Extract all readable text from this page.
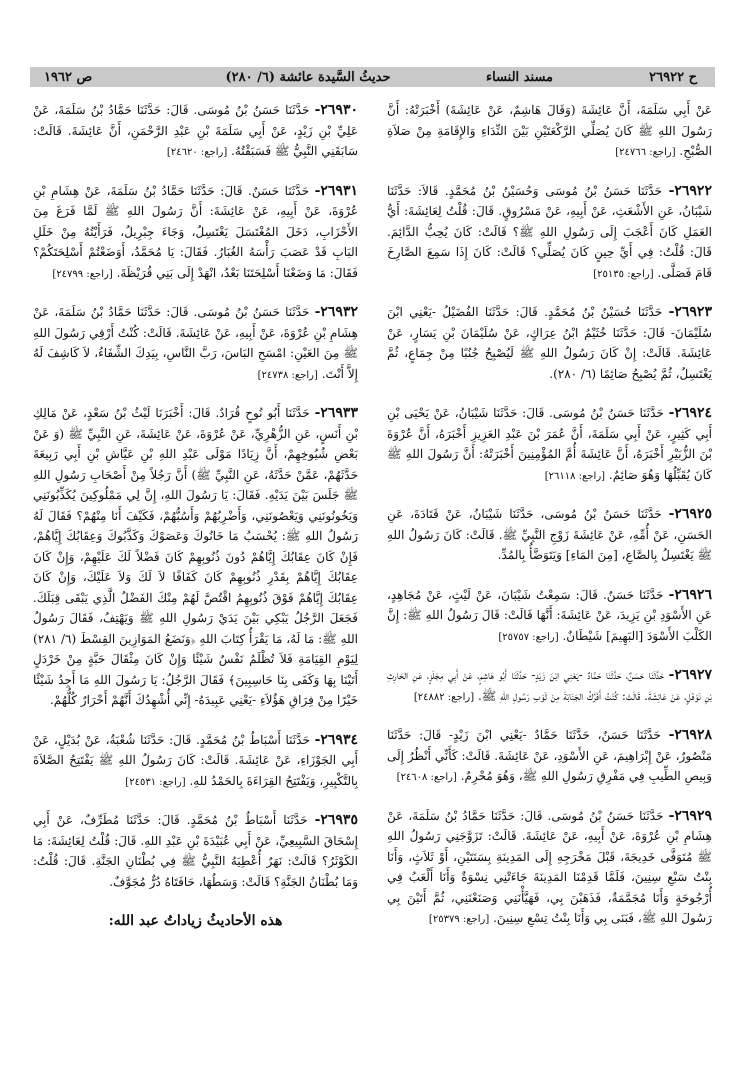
ح ٢٦٩٢٢
مسند النساء
حديثُ السَّيدة عائشة (٦/ ٢٨٠)
ص ١٩٦٢

عَنْ أَبِي سَلَمَةَ، أَنَّ عَائِشَةَ (وَقَالَ هَاشِمٌ، عَنْ عَائِشَةَ) أَخْبَرَتْهُ: أَنَّ رَسُولَ اللهِ ﷺ كَانَ يُصَلِّي الرَّكْعَتَيْنِ بَيْنَ النِّدَاءِ وَالإِقَامَةِ مِنْ صَلاَةِ الصُّبْحِ. [راجع: ٢٤٧٦٦]

٢٦٩٢٢- حَدَّثَنَا حَسَنُ بْنُ مُوسَى وَحُسَيْنُ بْنُ مُحَمَّدٍ. قَالاَ: حَدَّثَنَا شَيْبَانُ، عَنِ الأَشْعَثِ، عَنْ أَبِيهِ، عَنْ مَسْرُوقٍ. قَالَ: قُلْتُ لِعَائِشَةَ: أَيُّ العَمَلِ كَانَ أَعْجَبَ إِلَى رَسُولِ اللهِ ﷺ؟ قَالَتْ: كَانَ يُحِبُّ الدَّائِمَ. قَالَ: قُلْتُ: فِي أَيِّ حِينٍ كَانَ يُصَلِّي؟ قَالَتْ: كَانَ إِذَا سَمِعَ الصَّارِخَ قَامَ فَصَلَّى. [راجع: ٢٥١٣٥]

٢٦٩٢٣- حَدَّثَنَا حُسَيْنُ بْنُ مُحَمَّدٍ. قَالَ: حَدَّثَنَا الفُضَيْلُ -يَعْنِي ابْنَ سُلَيْمَانَ- قَالَ: حَدَّثَنَا خُثَيْمُ ابْنُ عِرَاكٍ، عَنْ سُلَيْمَانَ بْنِ يَسَارٍ، عَنْ عَائِشَةَ. قَالَتْ: إِنْ كَانَ رَسُولُ اللهِ ﷺ لَيُصْبِحُ جُنُبًا مِنْ جِمَاعٍ، ثُمَّ يَغْتَسِلُ، ثُمَّ يُصْبِحُ صَائِمًا (٦/ ٢٨٠).

٢٦٩٢٤- حَدَّثَنَا حَسَنُ بْنُ مُوسَى. قَالَ: حَدَّثَنَا شَيْبَانُ، عَنْ يَحْيَى بْنِ أَبِي كَثِيرٍ، عَنْ أَبِي سَلَمَةَ، أَنَّ عُمَرَ بْنَ عَبْدِ العَزِيزِ أَخْبَرَهُ، أَنَّ عُرْوَةَ بْنَ الزُّبَيْرِ أَخْبَرَهُ، أَنَّ عَائِشَةَ أُمَّ المُؤْمِنِينَ أَخْبَرَتْهُ: أَنَّ رَسُولَ اللهِ ﷺ كَانَ يُقَبِّلُهَا وَهُوَ صَائِمٌ. [راجع: ٢٦١١٨]

٢٦٩٢٥- حَدَّثَنَا حَسَنُ بْنُ مُوسَى، حَدَّثَنَا شَيْبَانُ، عَنْ قَتَادَةَ، عَنِ الحَسَنِ، عَنْ أُمِّهِ، عَنْ عَائِشَةَ زَوْجِ النَّبِيِّ ﷺ. قَالَتْ: كَانَ رَسُولُ اللهِ ﷺ يَغْتَسِلُ بِالصَّاعِ، [مِنَ المَاءِ] وَيَتَوَضَّأُ بِالمُدِّ.

٢٦٩٢٦- حَدَّثَنَا حَسَنٌ. قَالَ: سَمِعْتُ شَيْبَانَ، عَنْ لَيْثٍ، عَنْ مُجَاهِدٍ، عَنِ الأَسْوَدِ بْنِ يَزِيدَ، عَنْ عَائِشَةَ: أَنَّهَا قَالَتْ: قَالَ رَسُولُ اللهِ ﷺ: إِنَّ الكَلْبَ الأَسْوَدَ [البَهِيمَ] شَيْطَانٌ. [راجع: ٢٥٧٥٧]

٢٦٩٢٧- حَدَّثَنَا حَسَنٌ، حَدَّثَنَا حَمَّادٌ -يَعْنِي ابْنَ زَيْدٍ- حَدَّثَنَا أَبُو هَاشِمٍ، عَنْ أَبِي مِجْلَزٍ، عَنِ الحَارِثِ بْنِ نَوْفَلٍ، عَنْ عَائِشَةَ. قَالَتْ: كُنْتُ أَفْرُكُ الجَنَابَةَ مِنْ ثَوْبِ رَسُولِ اللهِ ﷺ. [راجع: ٢٤٨٨٢]

٢٦٩٢٨- حَدَّثَنَا حَسَنٌ، حَدَّثَنَا حَمَّادٌ -يَعْنِي ابْنَ زَيْدٍ- قَالَ: حَدَّثَنَا مَنْصُورٌ، عَنْ إِبْرَاهِيمَ، عَنِ الأَسْوَدِ، عَنْ عَائِشَةَ. قَالَتْ: كَأَنِّي أَنْظُرُ إِلَى وَبِيصِ الطِّيبِ فِي مَفْرِقِ رَسُولِ اللهِ ﷺ، وَهُوَ مُحْرِمٌ. [راجع: ٢٤٦٠٨]

٢٦٩٢٩- حَدَّثَنَا حَسَنُ بْنُ مُوسَى. قَالَ: حَدَّثَنَا حَمَّادُ بْنُ سَلَمَةَ، عَنْ هِشَامِ بْنِ عُرْوَةَ، عَنْ أَبِيهِ، عَنْ عَائِشَةَ. قَالَتْ: تَزَوَّجَنِي رَسُولُ اللهِ ﷺ مُتَوَفَّى خَدِيجَةَ، قَبْلَ مَخْرَجِهِ إِلَى المَدِينَةِ بِسَنَتَيْنِ، أَوْ ثَلاَثٍ، وَأَنَا بِنْتُ سَبْعِ سِنِينَ، فَلَمَّا قَدِمْنَا المَدِينَةَ جَاءَتْنِي نِسْوَةٌ وَأَنَا أَلْعَبُ فِي أُرْجُوحَةٍ وَأَنَا مُجَمَّمَةٌ، فَذَهَبْنَ بِي، فَهَيَّأْنَنِي وَصَنَعْنَنِي، ثُمَّ أَتَيْنَ بِي رَسُولَ اللهِ ﷺ، فَبَنَى بِي وَأَنَا بِنْتُ تِسْعِ سِنِينَ. [راجع: ٢٥٣٧٩]

٢٦٩٣٠- حَدَّثَنَا حَسَنُ بْنُ مُوسَى. قَالَ: حَدَّثَنَا حَمَّادُ بْنُ سَلَمَةَ، عَنْ عَلِيِّ بْنِ زَيْدٍ، عَنْ أَبِي سَلَمَةَ بْنِ عَبْدِ الرَّحْمَنِ، أَنَّ عَائِشَةَ. قَالَتْ: سَابَقَنِي النَّبِيُّ ﷺ فَسَبَقْتُهُ. [راجع: ٢٤٦٢٠]

٢٦٩٣١- حَدَّثَنَا حَسَنٌ. قَالَ: حَدَّثَنَا حَمَّادُ بْنُ سَلَمَةَ، عَنْ هِشَامِ بْنِ عُرْوَةَ، عَنْ أَبِيهِ، عَنْ عَائِشَةَ: أَنَّ رَسُولَ اللهِ ﷺ لَمَّا فَرَغَ مِنَ الأَحْزَابِ، دَخَلَ المُغْتَسَلَ يَغْتَسِلُ، وَجَاءَ جِبْرِيلُ، فَرَأَيْتُهُ مِنْ خَلَلِ البَابِ قَدْ عَصَبَ رَأْسَهُ الغُبَارُ. فَقَالَ: يَا مُحَمَّدُ، أَوَضَعْتُمْ أَسْلِحَتَكُمْ؟ فَقَالَ: مَا وَضَعْنَا أَسْلِحَتَنَا بَعْدُ، انْهَدْ إِلَى بَنِي قُرَيْظَةَ. [راجع: ٢٤٧٩٩]

٢٦٩٣٢- حَدَّثَنَا حَسَنُ بْنُ مُوسَى. قَالَ: حَدَّثَنَا حَمَّادُ بْنُ سَلَمَةَ، عَنْ هِشَامِ بْنِ عُرْوَةَ، عَنْ أَبِيهِ، عَنْ عَائِشَةَ. قَالَتْ: كُنْتُ أَرْقِي رَسُولَ اللهِ ﷺ مِنَ العَيْنِ: امْسَحِ البَاسَ، رَبَّ النَّاسِ، بِيَدِكَ الشِّفَاءُ، لاَ كَاشِفَ لَهُ إِلاَّ أَنْتَ. [راجع: ٢٤٧٣٨]

٢٦٩٣٣- حَدَّثَنَا أَبُو نُوحٍ قُرَادٌ. قَالَ: أَخْبَرَنَا لَيْثُ بْنُ سَعْدٍ، عَنْ مَالِكِ بْنِ أَنَسٍ، عَنِ الزُّهْرِيِّ، عَنْ عُرْوَةَ، عَنْ عَائِشَةَ، عَنِ النَّبِيِّ ﷺ (وَ عَنْ بَعْضِ شُيُوخِهِمْ، أَنَّ زِيَادًا مَوْلَى عَبْدِ اللهِ بْنِ عَيَّاشِ بْنِ أَبِي رَبِيعَةَ حَدَّثَهُمْ، عَمَّنْ حَدَّثَهُ، عَنِ النَّبِيِّ ﷺ) أَنَّ رَجُلاً مِنْ أَصْحَابِ رَسُولِ اللهِ ﷺ جَلَسَ بَيْنَ يَدَيْهِ. فَقَالَ: يَا رَسُولَ اللهِ، إِنَّ لِي مَمْلُوكِينَ يُكَذِّبُونَنِي وَيَخُونُونَنِي وَيَعْصُونَنِي، وَأَضْرِبُهُمْ وَأَسُبُّهُمْ، فَكَيْفَ أَنَا مِنْهُمْ؟ فَقَالَ لَهُ رَسُولُ اللهِ ﷺ: يُحْسَبُ مَا خَانُوكَ وَعَصَوْكَ وَكَذَّبُوكَ وَعِقَابُكَ إِيَّاهُمْ، فَإِنْ كَانَ عِقَابُكَ إِيَّاهُمْ دُونَ ذُنُوبِهِمْ كَانَ فَضْلاً لَكَ عَلَيْهِمْ، وَإِنْ كَانَ عِقَابُكَ إِيَّاهُمْ بِقَدْرِ ذُنُوبِهِمْ كَانَ كَفَافًا لاَ لَكَ وَلاَ عَلَيْكَ، وَإِنْ كَانَ عِقَابُكَ إِيَّاهُمْ فَوْقَ ذُنُوبِهِمُ اقْتُصَّ لَهُمْ مِنْكَ الفَضْلُ الَّذِي يَبْقَى قِبَلَكَ. فَجَعَلَ الرَّجُلُ يَبْكِي بَيْنَ يَدَيْ رَسُولِ اللهِ ﷺ وَيَهْتِفُ، فَقَالَ رَسُولُ اللهِ ﷺ: مَا لَهُ، مَا يَقْرَأُ كِتَابَ اللهِ ﴿وَنَضَعُ المَوَازِينَ القِسْطَ (٦/ ٢٨١) لِيَوْمِ القِيَامَةِ فَلاَ تُظْلَمُ نَفْسٌ شَيْئًا وَإِنْ كَانَ مِثْقَالَ حَبَّةٍ مِنْ خَرْدَلٍ أَتَيْنَا بِهَا وَكَفَى بِنَا حَاسِبِينَ﴾ فَقَالَ الرَّجُلُ: يَا رَسُولَ اللهِ مَا أَجِدُ شَيْئًا خَيْرًا مِنْ فِرَاقِ هَؤُلاَءِ -يَعْنِي عَبِيدَهُ- إِنِّي أُشْهِدُكَ أَنَّهُمْ أَحْرَارٌ كُلُّهُمْ.

٢٦٩٣٤- حَدَّثَنَا أَسْبَاطُ بْنُ مُحَمَّدٍ. قَالَ: حَدَّثَنَا شُعْبَةُ، عَنْ بُدَيْلٍ، عَنْ أَبِي الجَوْزَاءِ، عَنْ عَائِشَةَ. قَالَتْ: كَانَ رَسُولُ اللهِ ﷺ يَفْتَتِحُ الصَّلاَةَ بِالتَّكْبِيرِ، وَيَفْتَتِحُ القِرَاءَةَ بِالحَمْدُ للهِ. [راجع: ٢٤٥٣١]

٢٦٩٣٥- حَدَّثَنَا أَسْبَاطُ بْنُ مُحَمَّدٍ. قَالَ: حَدَّثَنَا مُطَرِّفٌ، عَنْ أَبِي إِسْحَاقَ السَّبِيعِيِّ، عَنْ أَبِي عُبَيْدَةَ بْنِ عَبْدِ اللهِ. قَالَ: قُلْتُ لِعَائِشَةَ: مَا الكَوْثَرُ؟ قَالَتْ: نَهَرٌ أُعْطِيَهُ النَّبِيُّ ﷺ فِي بُطْنَانِ الجَنَّةِ. قَالَ: قُلْتُ: وَمَا بُطْنَانُ الجَنَّةِ؟ قَالَتْ: وَسَطُهَا، حَافَتَاهُ دُرٌّ مُجَوَّفٌ.

هذه الأحاديثُ زياداتُ عبد الله:
